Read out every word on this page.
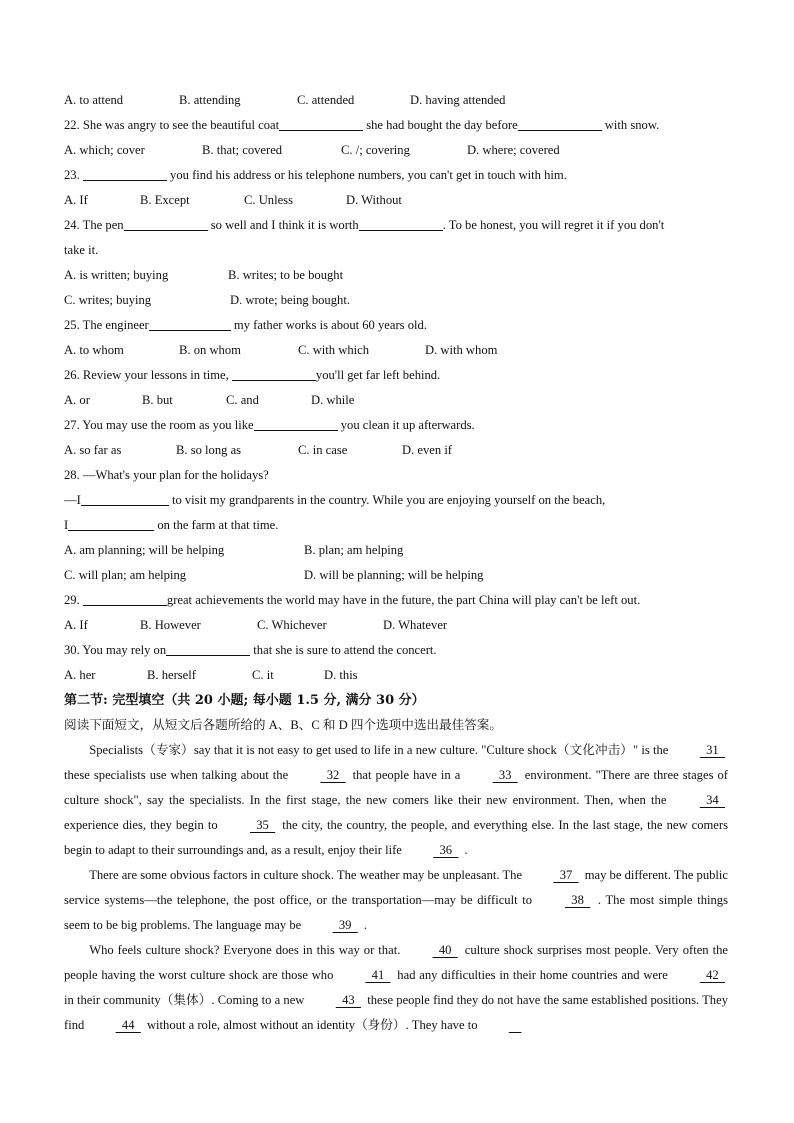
A. to attend	B. attending	C. attended	D. having attended
22. She was angry to see the beautiful coat	she had bought the day before	with snow.
A. which; cover	B. that; covered	C. /; covering	D. where; covered
23.	you find his address or his telephone numbers, you can't get in touch with him.
A. If	B. Except	C. Unless	D. Without
24. The pen	so well and I think it is worth	. To be honest, you will regret it if you don't
take it.
A. is written; buying	B. writes; to be bought
C. writes; buying	D. wrote; being bought.
25. The engineer	my father works is about 60 years old.
A. to whom	B. on whom	C. with which	D. with whom
26. Review your lessons in time,	you'll get far left behind.
A. or	B. but	C. and	D. while
27. You may use the room as you like	you clean it up afterwards.
A. so far as	B. so long as	C. in case	D. even if
28. —What's your plan for the holidays?
—I	to visit my grandparents in the country. While you are enjoying yourself on the beach,
I	on the farm at that time.
A. am planning; will be helping	B. plan; am helping
C. will plan; am helping	D. will be planning; will be helping
29.	great achievements the world may have in the future, the part China will play can't be left out.
A. If	B. However	C. Whichever	D. Whatever
30. You may rely on	that she is sure to attend the concert.
A. her	B. herself	C. it	D. this
第二节: 完型填空（共 20 小题; 每小题 1.5 分, 满分 30 分）
阅读下面短文，从短文后各题所给的 A、B、C 和 D 四个选项中选出最佳答案。
Specialists（专家）say that it is not easy to get used to life in a new culture. "Culture shock（文化冲击）" is the  31  these specialists use when talking about the  32  that people have in a  33  environment. "There are three stages of culture shock", say the specialists. In the first stage, the new comers like their new environment. Then, when the  34  experience dies, they begin to  35  the city, the country, the people, and everything else. In the last stage, the new comers begin to adapt to their surroundings and, as a result, enjoy their life  36  .
There are some obvious factors in culture shock. The weather may be unpleasant. The  37  may be different. The public service systems—the telephone, the post office, or the transportation—may be difficult to  38  . The most simple things seem to be big problems. The language may be  39  .
Who feels culture shock? Everyone does in this way or that.  40  culture shock surprises most people. Very often the people having the worst culture shock are those who  41  had any difficulties in their home countries and were  42  in their community（集体）. Coming to a new  43  these people find they do not have the same established positions. They find  44  without a role, almost without an identity（身份）. They have to   
